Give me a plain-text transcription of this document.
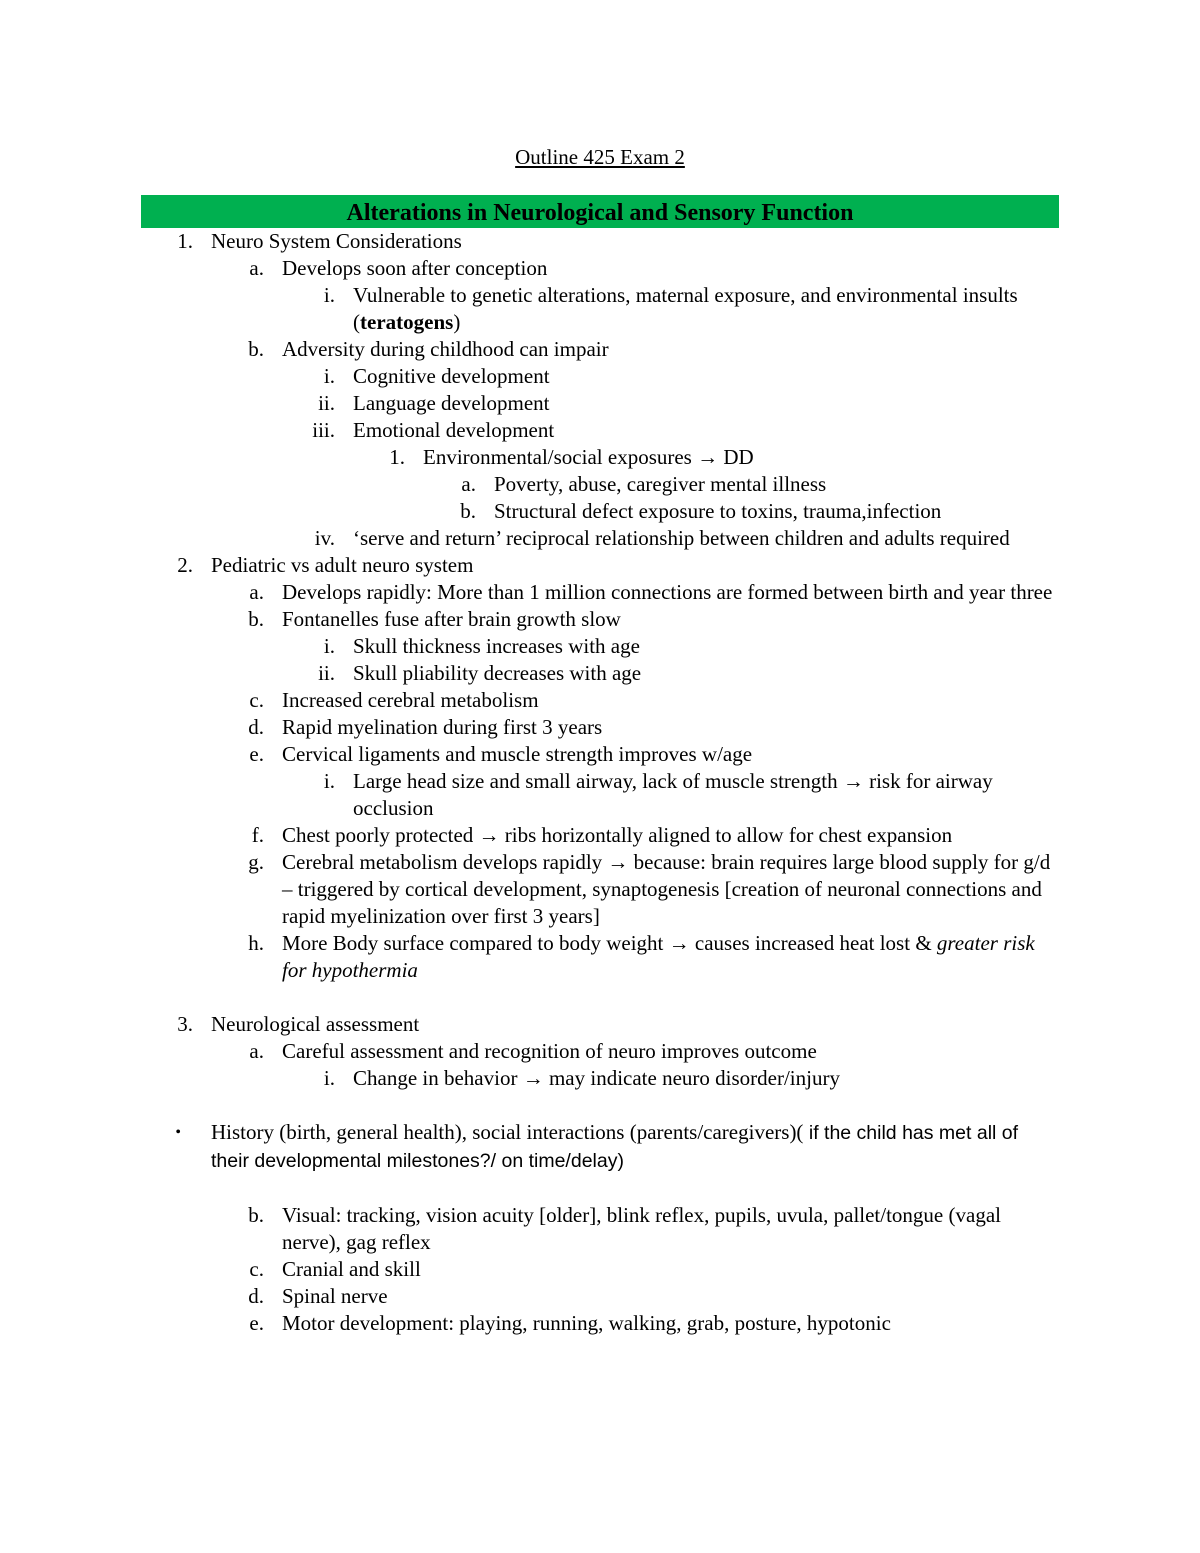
Outline 425 Exam 2
Alterations in Neurological and Sensory Function
1. Neuro System Considerations
a. Develops soon after conception
i. Vulnerable to genetic alterations, maternal exposure, and environmental insults (teratogens)
b. Adversity during childhood can impair
i. Cognitive development
ii. Language development
iii. Emotional development
1. Environmental/social exposures → DD
a. Poverty, abuse, caregiver mental illness
b. Structural defect exposure to toxins, trauma,infection
iv. ‘serve and return’ reciprocal relationship between children and adults required
2. Pediatric vs adult neuro system
a. Develops rapidly: More than 1 million connections are formed between birth and year three
b. Fontanelles fuse after brain growth slow
i. Skull thickness increases with age
ii. Skull pliability decreases with age
c. Increased cerebral metabolism
d. Rapid myelination during first 3 years
e. Cervical ligaments and muscle strength improves w/age
i. Large head size and small airway, lack of muscle strength → risk for airway occlusion
f. Chest poorly protected → ribs horizontally aligned to allow for chest expansion
g. Cerebral metabolism develops rapidly → because: brain requires large blood supply for g/d – triggered by cortical development, synaptogenesis [creation of neuronal connections and rapid myelinization over first 3 years]
h. More Body surface compared to body weight → causes increased heat lost & greater risk for hypothermia
3. Neurological assessment
a. Careful assessment and recognition of neuro improves outcome
i. Change in behavior → may indicate neuro disorder/injury
• History (birth, general health), social interactions (parents/caregivers)( if the child has met all of their developmental milestones?/ on time/delay)
b. Visual: tracking, vision acuity [older], blink reflex, pupils, uvula, pallet/tongue (vagal nerve), gag reflex
c. Cranial and skill
d. Spinal nerve
e. Motor development: playing, running, walking, grab, posture, hypotonic
